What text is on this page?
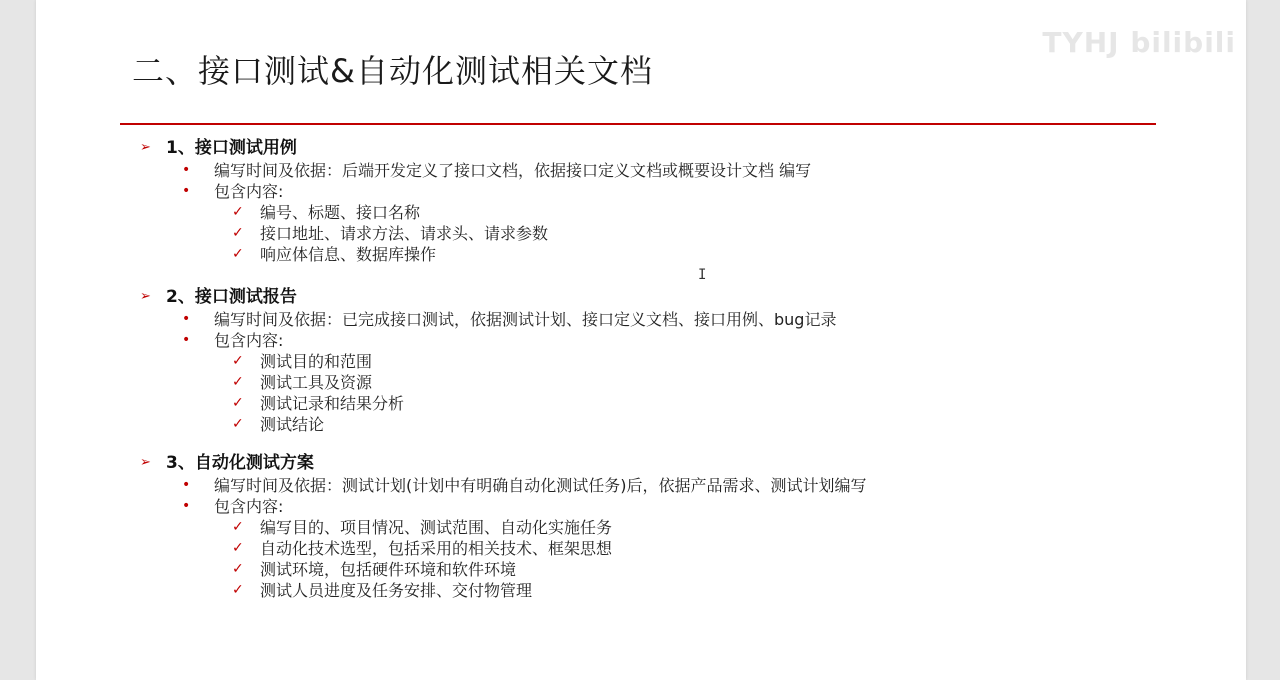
二、接口测试&自动化测试相关文档
TYHJ bilibili
➢ 1、接口测试用例
•	编写时间及依据：后端开发定义了接口文档，依据接口定义文档或概要设计文档 编写
•	包含内容:
✓	编号、标题、接口名称
✓	接口地址、请求方法、请求头、请求参数
✓	响应体信息、数据库操作
➢ 2、接口测试报告
•	编写时间及依据：已完成接口测试，依据测试计划、接口定义文档、接口用例、bug记录
•	包含内容:
✓	测试目的和范围
✓	测试工具及资源
✓	测试记录和结果分析
✓	测试结论
➢ 3、自动化测试方案
•	编写时间及依据：测试计划(计划中有明确自动化测试任务)后，依据产品需求、测试计划编写
•	包含内容:
✓	编写目的、项目情况、测试范围、自动化实施任务
✓	自动化技术选型，包括采用的相关技术、框架思想
✓	测试环境，包括硬件环境和软件环境
✓	测试人员进度及任务安排、交付物管理
I
